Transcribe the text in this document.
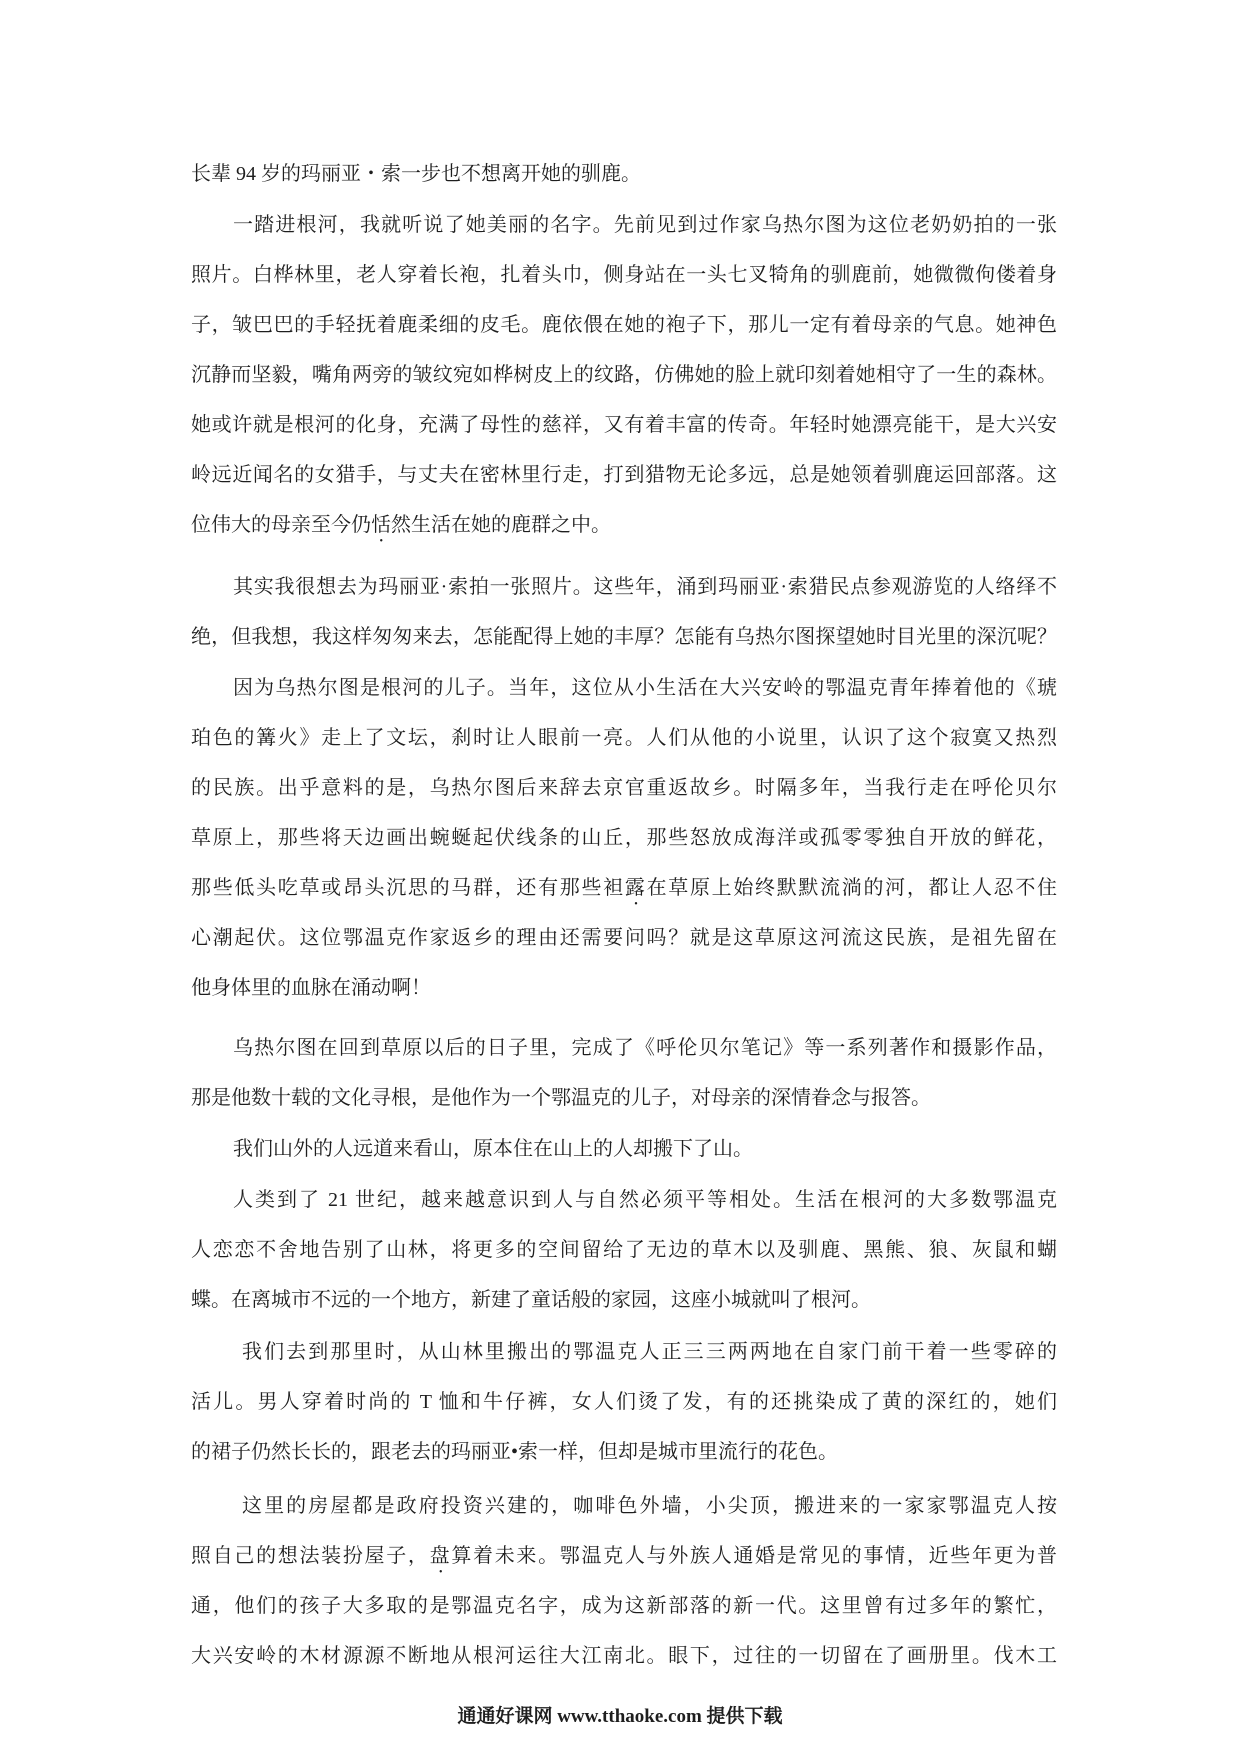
长辈 94 岁的玛丽亚・索一步也不想离开她的驯鹿。
一踏进根河，我就听说了她美丽的名字。先前见到过作家乌热尔图为这位老奶奶拍的一张
照片。白桦林里，老人穿着长袍，扎着头巾，侧身站在一头七叉犄角的驯鹿前，她微微佝偻着身
子，皱巴巴的手轻抚着鹿柔细的皮毛。鹿依偎在她的袍子下，那儿一定有着母亲的气息。她神色
沉静而坚毅，嘴角两旁的皱纹宛如桦树皮上的纹路，仿佛她的脸上就印刻着她相守了一生的森林。
她或许就是根河的化身，充满了母性的慈祥，又有着丰富的传奇。年轻时她漂亮能干，是大兴安
岭远近闻名的女猎手，与丈夫在密林里行走，打到猎物无论多远，总是她领着驯鹿运回部落。这
位伟大的母亲至今仍恬然生活在她的鹿群之中。
其实我很想去为玛丽亚·索拍一张照片。这些年，涌到玛丽亚·索猎民点参观游览的人络绎不
绝，但我想，我这样匆匆来去，怎能配得上她的丰厚？怎能有乌热尔图探望她时目光里的深沉呢？
因为乌热尔图是根河的儿子。当年，这位从小生活在大兴安岭的鄂温克青年捧着他的《琥
珀色的篝火》走上了文坛，刹时让人眼前一亮。人们从他的小说里，认识了这个寂寞又热烈
的民族。出乎意料的是，乌热尔图后来辞去京官重返故乡。时隔多年，当我行走在呼伦贝尔
草原上，那些将天边画出蜿蜒起伏线条的山丘，那些怒放成海洋或孤零零独自开放的鲜花，
那些低头吃草或昂头沉思的马群，还有那些袒露在草原上始终默默流淌的河，都让人忍不住
心潮起伏。这位鄂温克作家返乡的理由还需要问吗？就是这草原这河流这民族，是祖先留在
他身体里的血脉在涌动啊！
乌热尔图在回到草原以后的日子里，完成了《呼伦贝尔笔记》等一系列著作和摄影作品，
那是他数十载的文化寻根，是他作为一个鄂温克的儿子，对母亲的深情眷念与报答。
我们山外的人远道来看山，原本住在山上的人却搬下了山。
人类到了 21 世纪，越来越意识到人与自然必须平等相处。生活在根河的大多数鄂温克
人恋恋不舍地告别了山林，将更多的空间留给了无边的草木以及驯鹿、黑熊、狼、灰鼠和蝴
蝶。在离城市不远的一个地方，新建了童话般的家园，这座小城就叫了根河。
我们去到那里时，从山林里搬出的鄂温克人正三三两两地在自家门前干着一些零碎的
活儿。男人穿着时尚的 T 恤和牛仔裤，女人们烫了发，有的还挑染成了黄的深红的，她们
的裙子仍然长长的，跟老去的玛丽亚•索一样，但却是城市里流行的花色。
这里的房屋都是政府投资兴建的，咖啡色外墙，小尖顶，搬进来的一家家鄂温克人按
照自己的想法装扮屋子，盘算着未来。鄂温克人与外族人通婚是常见的事情，近些年更为普
通，他们的孩子大多取的是鄂温克名字，成为这新部落的新一代。这里曾有过多年的繁忙，
大兴安岭的木材源源不断地从根河运往大江南北。眼下，过往的一切留在了画册里。伐木工
通通好课网 www.tthaoke.com 提供下载
